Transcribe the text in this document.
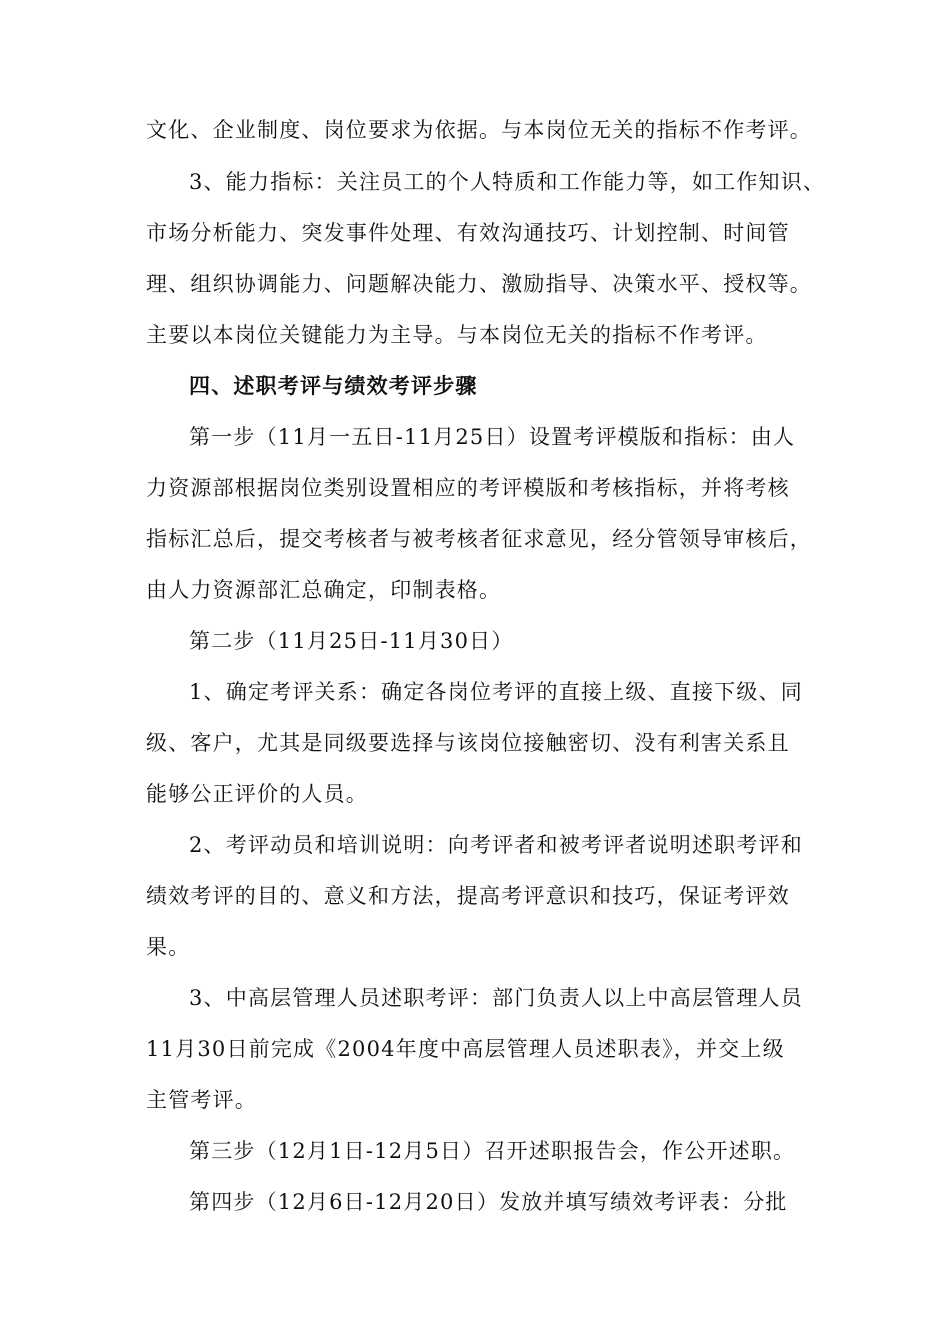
文化、企业制度、岗位要求为依据。与本岗位无关的指标不作考评。
3、能力指标：关注员工的个人特质和工作能力等，如工作知识、
市场分析能力、突发事件处理、有效沟通技巧、计划控制、时间管
理、组织协调能力、问题解决能力、激励指导、决策水平、授权等。
主要以本岗位关键能力为主导。与本岗位无关的指标不作考评。
四、述职考评与绩效考评步骤
第一步（11月一五日-11月25日）设置考评模版和指标：由人
力资源部根据岗位类别设置相应的考评模版和考核指标，并将考核
指标汇总后，提交考核者与被考核者征求意见，经分管领导审核后，
由人力资源部汇总确定，印制表格。
第二步（11月25日-11月30日）
1、确定考评关系：确定各岗位考评的直接上级、直接下级、同
级、客户，尤其是同级要选择与该岗位接触密切、没有利害关系且
能够公正评价的人员。
2、考评动员和培训说明：向考评者和被考评者说明述职考评和
绩效考评的目的、意义和方法，提高考评意识和技巧，保证考评效
果。
3、中高层管理人员述职考评：部门负责人以上中高层管理人员
11月30日前完成《2004年度中高层管理人员述职表》，并交上级
主管考评。
第三步（12月1日-12月5日）召开述职报告会，作公开述职。
第四步（12月6日-12月20日）发放并填写绩效考评表：分批
